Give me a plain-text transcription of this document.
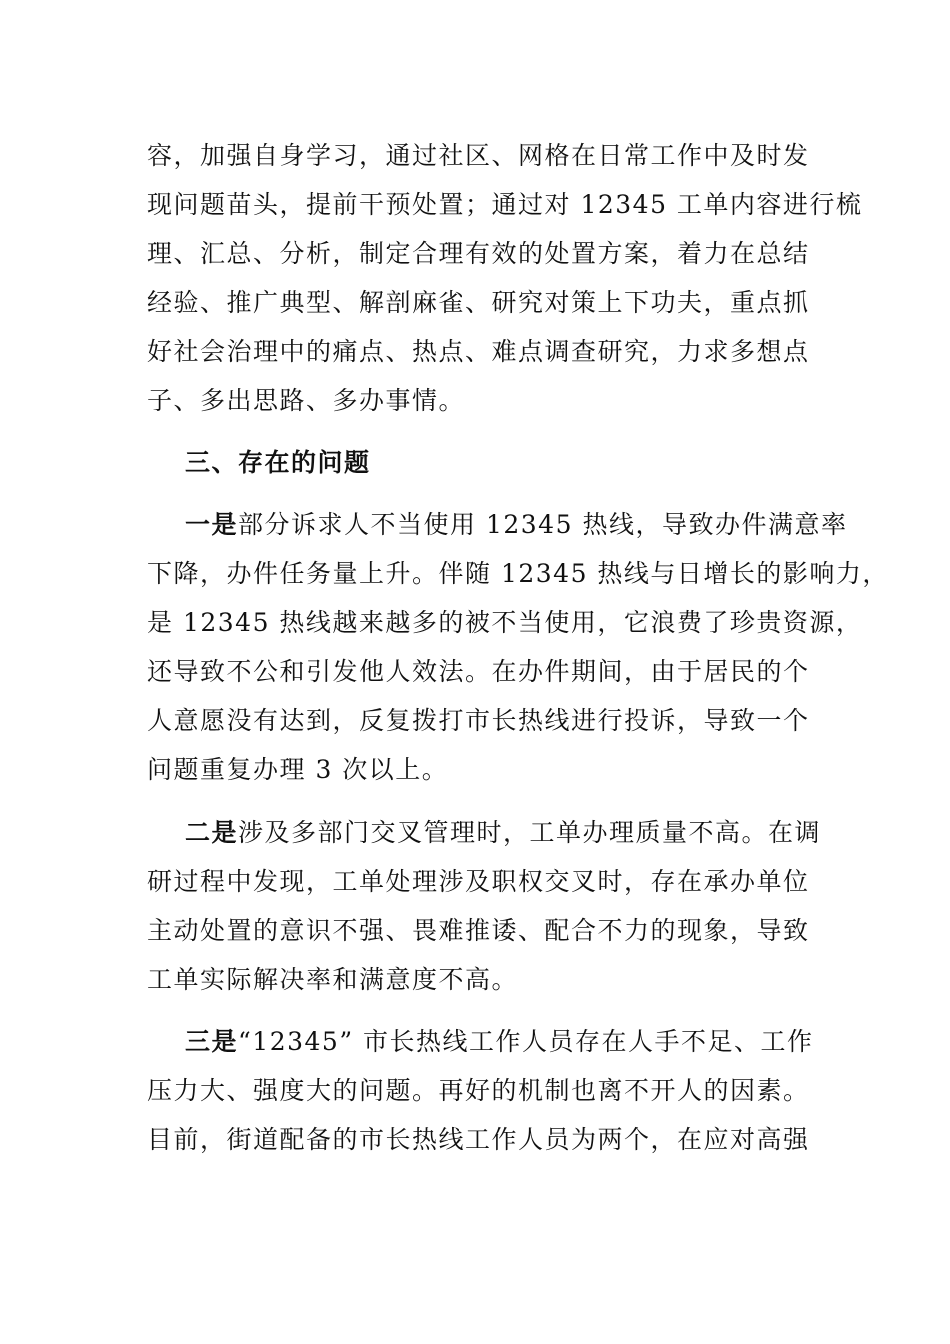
容，加强自身学习，通过社区、网格在日常工作中及时发
现问题苗头，提前干预处置；通过对 12345 工单内容进行梳
理、汇总、分析，制定合理有效的处置方案，着力在总结
经验、推广典型、解剖麻雀、研究对策上下功夫，重点抓
好社会治理中的痛点、热点、难点调查研究，力求多想点
子、多出思路、多办事情。
三、存在的问题
一是部分诉求人不当使用 12345 热线，导致办件满意率
下降，办件任务量上升。伴随 12345 热线与日增长的影响力，
是 12345 热线越来越多的被不当使用，它浪费了珍贵资源，
还导致不公和引发他人效法。在办件期间，由于居民的个
人意愿没有达到，反复拨打市长热线进行投诉，导致一个
问题重复办理 3 次以上。
二是涉及多部门交叉管理时，工单办理质量不高。在调
研过程中发现，工单处理涉及职权交叉时，存在承办单位
主动处置的意识不强、畏难推诿、配合不力的现象，导致
工单实际解决率和满意度不高。
三是“12345” 市长热线工作人员存在人手不足、工作
压力大、强度大的问题。再好的机制也离不开人的因素。
目前，街道配备的市长热线工作人员为两个，在应对高强
